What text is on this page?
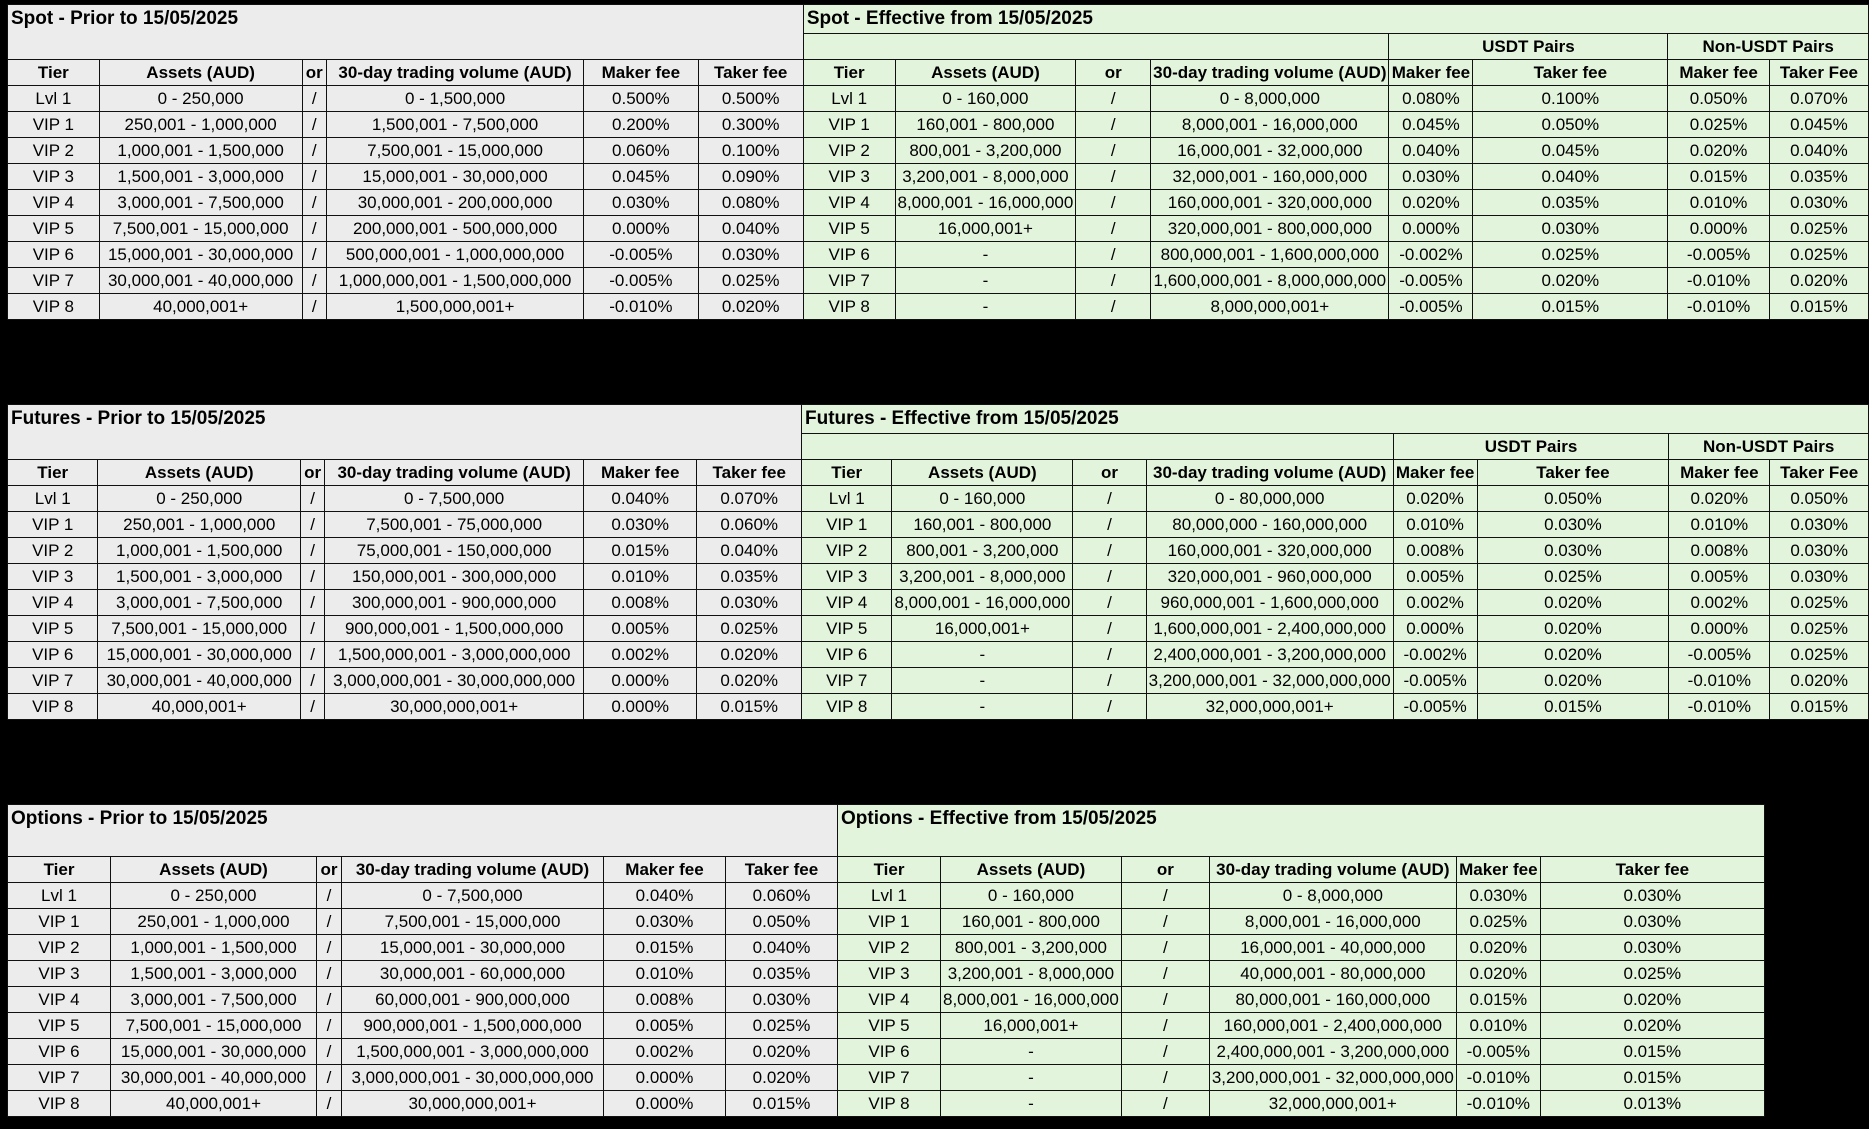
Spot - Prior to 15/05/2025						Spot - Effective from 15/05/2025							
										USDT Pairs		Non-USDT Pairs	
Tier	Assets (AUD)	or	30-day trading volume (AUD)	Maker fee	Taker fee	Tier	Assets (AUD)	or	30-day trading volume (AUD)	Maker fee	Taker fee	Maker fee	Taker Fee
Lvl 1	0 - 250,000	/	0 - 1,500,000	0.500%	0.500%	Lvl 1	0 - 160,000	/	0 - 8,000,000	0.080%	0.100%	0.050%	0.070%
VIP 1	250,001 - 1,000,000	/	1,500,001 - 7,500,000	0.200%	0.300%	VIP 1	160,001 - 800,000	/	8,000,001 - 16,000,000	0.045%	0.050%	0.025%	0.045%
VIP 2	1,000,001 - 1,500,000	/	7,500,001 - 15,000,000	0.060%	0.100%	VIP 2	800,001 - 3,200,000	/	16,000,001 - 32,000,000	0.040%	0.045%	0.020%	0.040%
VIP 3	1,500,001 - 3,000,000	/	15,000,001 - 30,000,000	0.045%	0.090%	VIP 3	3,200,001 - 8,000,000	/	32,000,001 - 160,000,000	0.030%	0.040%	0.015%	0.035%
VIP 4	3,000,001 - 7,500,000	/	30,000,001 - 200,000,000	0.030%	0.080%	VIP 4	8,000,001 - 16,000,000	/	160,000,001 - 320,000,000	0.020%	0.035%	0.010%	0.030%
VIP 5	7,500,001 - 15,000,000	/	200,000,001 - 500,000,000	0.000%	0.040%	VIP 5	16,000,001+	/	320,000,001 - 800,000,000	0.000%	0.030%	0.000%	0.025%
VIP 6	15,000,001 - 30,000,000	/	500,000,001 - 1,000,000,000	-0.005%	0.030%	VIP 6	-	/	800,000,001 - 1,600,000,000	-0.002%	0.025%	-0.005%	0.025%
VIP 7	30,000,001 - 40,000,000	/	1,000,000,001 - 1,500,000,000	-0.005%	0.025%	VIP 7	-	/	1,600,000,001 - 8,000,000,000	-0.005%	0.020%	-0.010%	0.020%
VIP 8	40,000,001+	/	1,500,000,001+	-0.010%	0.020%	VIP 8	-	/	8,000,000,001+	-0.005%	0.015%	-0.010%	0.015%
Futures - Prior to 15/05/2025						Futures - Effective from 15/05/2025							
										USDT Pairs		Non-USDT Pairs	
Tier	Assets (AUD)	or	30-day trading volume (AUD)	Maker fee	Taker fee	Tier	Assets (AUD)	or	30-day trading volume (AUD)	Maker fee	Taker fee	Maker fee	Taker Fee
Lvl 1	0 - 250,000	/	0 - 7,500,000	0.040%	0.070%	Lvl 1	0 - 160,000	/	0 - 80,000,000	0.020%	0.050%	0.020%	0.050%
VIP 1	250,001 - 1,000,000	/	7,500,001 - 75,000,000	0.030%	0.060%	VIP 1	160,001 - 800,000	/	80,000,000 - 160,000,000	0.010%	0.030%	0.010%	0.030%
VIP 2	1,000,001 - 1,500,000	/	75,000,001 - 150,000,000	0.015%	0.040%	VIP 2	800,001 - 3,200,000	/	160,000,001 - 320,000,000	0.008%	0.030%	0.008%	0.030%
VIP 3	1,500,001 - 3,000,000	/	150,000,001 - 300,000,000	0.010%	0.035%	VIP 3	3,200,001 - 8,000,000	/	320,000,001 - 960,000,000	0.005%	0.025%	0.005%	0.030%
VIP 4	3,000,001 - 7,500,000	/	300,000,001 - 900,000,000	0.008%	0.030%	VIP 4	8,000,001 - 16,000,000	/	960,000,001 - 1,600,000,000	0.002%	0.020%	0.002%	0.025%
VIP 5	7,500,001 - 15,000,000	/	900,000,001 - 1,500,000,000	0.005%	0.025%	VIP 5	16,000,001+	/	1,600,000,001 - 2,400,000,000	0.000%	0.020%	0.000%	0.025%
VIP 6	15,000,001 - 30,000,000	/	1,500,000,001 - 3,000,000,000	0.002%	0.020%	VIP 6	-	/	2,400,000,001 - 3,200,000,000	-0.002%	0.020%	-0.005%	0.025%
VIP 7	30,000,001 - 40,000,000	/	3,000,000,001 - 30,000,000,000	0.000%	0.020%	VIP 7	-	/	3,200,000,001 - 32,000,000,000	-0.005%	0.020%	-0.010%	0.020%
VIP 8	40,000,001+	/	30,000,000,001+	0.000%	0.015%	VIP 8	-	/	32,000,000,001+	-0.005%	0.015%	-0.010%	0.015%
Options - Prior to 15/05/2025						Options - Effective from 15/05/2025					

Tier	Assets (AUD)	or	30-day trading volume (AUD)	Maker fee	Taker fee	Tier	Assets (AUD)	or	30-day trading volume (AUD)	Maker fee	Taker fee
Lvl 1	0 - 250,000	/	0 - 7,500,000	0.040%	0.060%	Lvl 1	0 - 160,000	/	0 - 8,000,000	0.030%	0.030%
VIP 1	250,001 - 1,000,000	/	7,500,001 - 15,000,000	0.030%	0.050%	VIP 1	160,001 - 800,000	/	8,000,001 - 16,000,000	0.025%	0.030%
VIP 2	1,000,001 - 1,500,000	/	15,000,001 - 30,000,000	0.015%	0.040%	VIP 2	800,001 - 3,200,000	/	16,000,001 - 40,000,000	0.020%	0.030%
VIP 3	1,500,001 - 3,000,000	/	30,000,001 - 60,000,000	0.010%	0.035%	VIP 3	3,200,001 - 8,000,000	/	40,000,001 - 80,000,000	0.020%	0.025%
VIP 4	3,000,001 - 7,500,000	/	60,000,001 - 900,000,000	0.008%	0.030%	VIP 4	8,000,001 - 16,000,000	/	80,000,001 - 160,000,000	0.015%	0.020%
VIP 5	7,500,001 - 15,000,000	/	900,000,001 - 1,500,000,000	0.005%	0.025%	VIP 5	16,000,001+	/	160,000,001 - 2,400,000,000	0.010%	0.020%
VIP 6	15,000,001 - 30,000,000	/	1,500,000,001 - 3,000,000,000	0.002%	0.020%	VIP 6	-	/	2,400,000,001 - 3,200,000,000	-0.005%	0.015%
VIP 7	30,000,001 - 40,000,000	/	3,000,000,001 - 30,000,000,000	0.000%	0.020%	VIP 7	-	/	3,200,000,001 - 32,000,000,000	-0.010%	0.015%
VIP 8	40,000,001+	/	30,000,000,001+	0.000%	0.015%	VIP 8	-	/	32,000,000,001+	-0.010%	0.013%
